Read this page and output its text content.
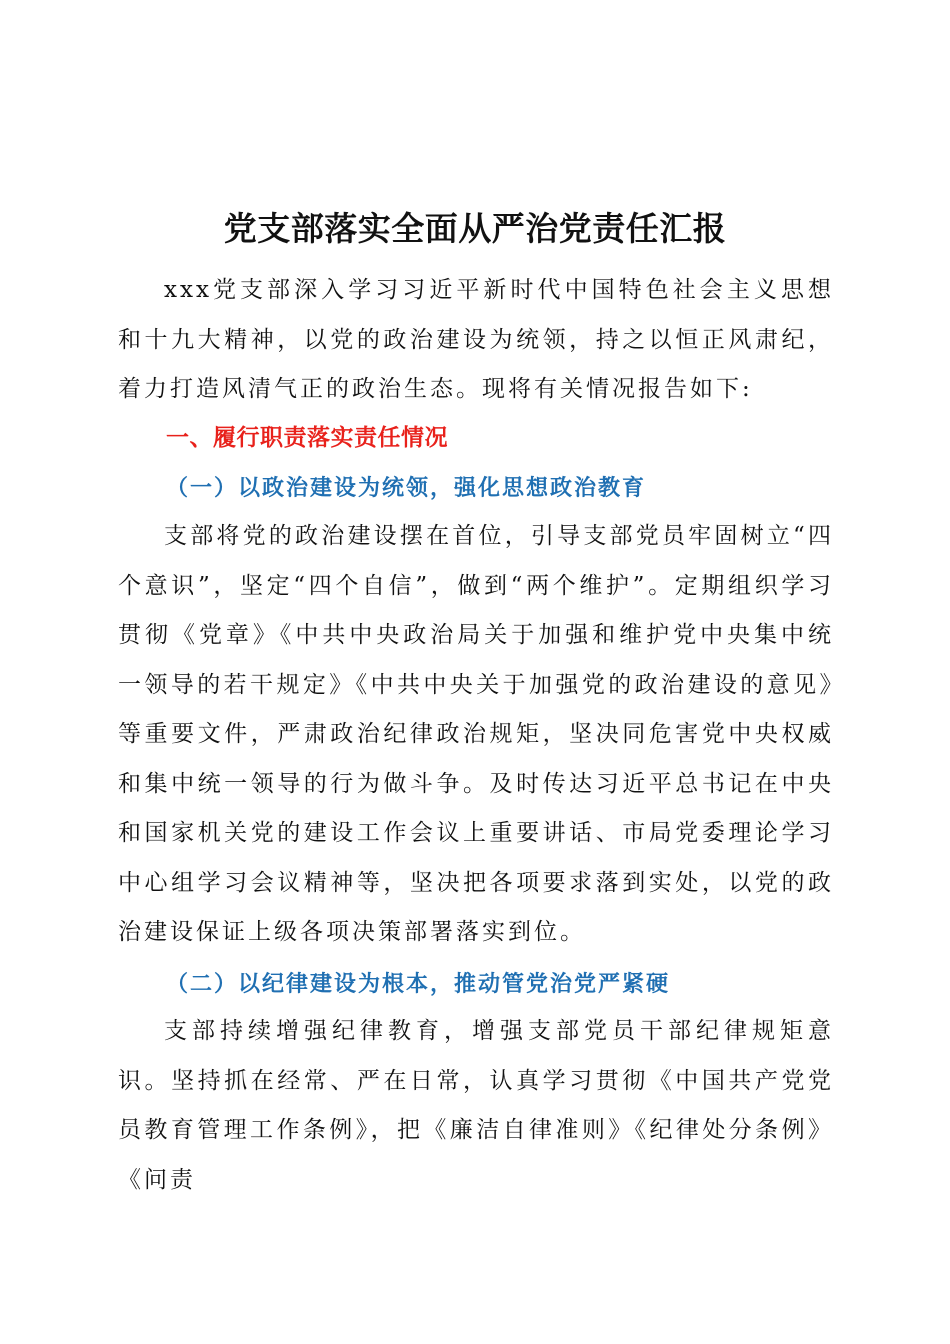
党支部落实全面从严治党责任汇报

xxx党支部深入学习习近平新时代中国特色社会主义思想和十九大精神，以党的政治建设为统领，持之以恒正风肃纪，着力打造风清气正的政治生态。现将有关情况报告如下:

一、履行职责落实责任情况
（一）以政治建设为统领，强化思想政治教育

支部将党的政治建设摆在首位，引导支部党员牢固树立“四个意识”，坚定“四个自信”，做到“两个维护”。定期组织学习贯彻《党章》《中共中央政治局关于加强和维护党中央集中统一领导的若干规定》《中共中央关于加强党的政治建设的意见》等重要文件，严肃政治纪律政治规矩，坚决同危害党中央权威和集中统一领导的行为做斗争。及时传达习近平总书记在中央和国家机关党的建设工作会议上重要讲话、市局党委理论学习中心组学习会议精神等，坚决把各项要求落到实处，以党的政治建设保证上级各项决策部署落实到位。

（二）以纪律建设为根本，推动管党治党严紧硬

支部持续增强纪律教育，增强支部党员干部纪律规矩意识。坚持抓在经常、严在日常，认真学习贯彻《中国共产党党员教育管理工作条例》，把《廉洁自律准则》《纪律处分条例》《问责
